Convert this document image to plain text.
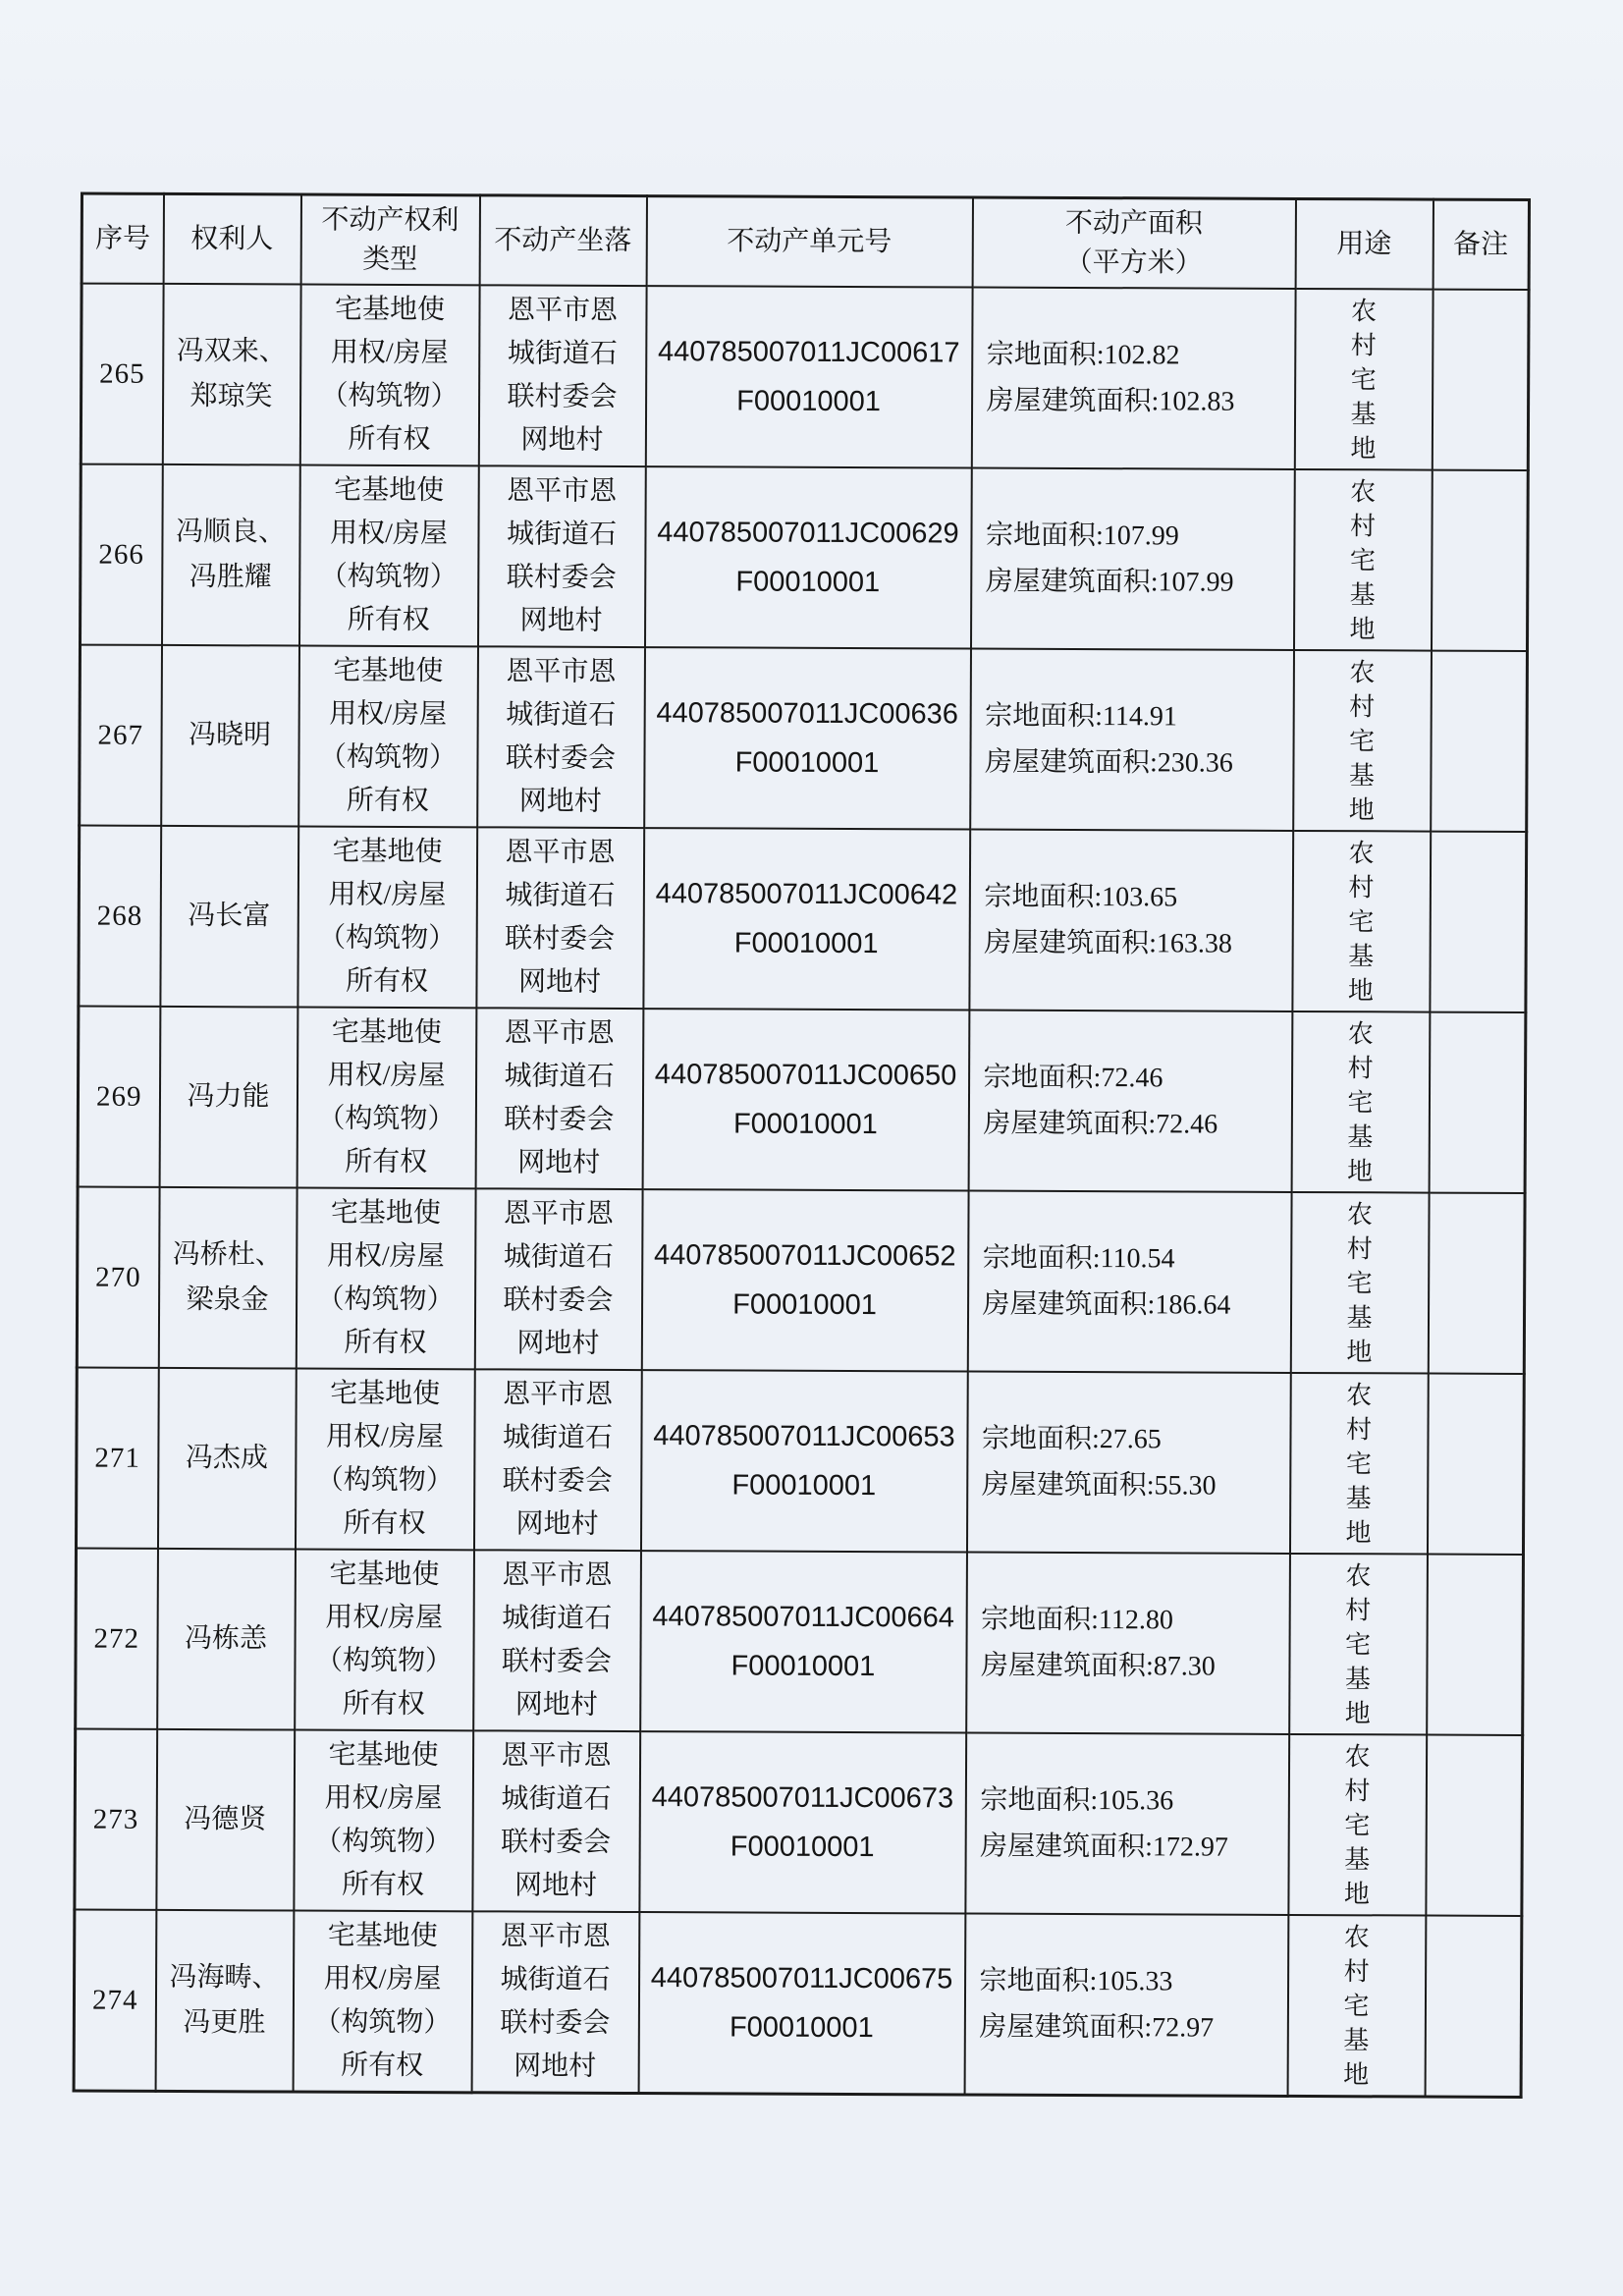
序号	权利人	不动产权利
类型	不动产坐落	不动产单元号	不动产面积
（平方米）	用途	备注
265	冯双来、
郑琼笑	宅基地使
用权/房屋
（构筑物）
所有权	恩平市恩
城街道石
联村委会
网地村	440785007011JC00617
F00010001	宗地面积:102.82
房屋建筑面积:102.83	农
村
宅
基
地	
266	冯顺良、
冯胜耀	宅基地使
用权/房屋
（构筑物）
所有权	恩平市恩
城街道石
联村委会
网地村	440785007011JC00629
F00010001	宗地面积:107.99
房屋建筑面积:107.99	农
村
宅
基
地	
267	冯晓明	宅基地使
用权/房屋
（构筑物）
所有权	恩平市恩
城街道石
联村委会
网地村	440785007011JC00636
F00010001	宗地面积:114.91
房屋建筑面积:230.36	农
村
宅
基
地	
268	冯长富	宅基地使
用权/房屋
（构筑物）
所有权	恩平市恩
城街道石
联村委会
网地村	440785007011JC00642
F00010001	宗地面积:103.65
房屋建筑面积:163.38	农
村
宅
基
地	
269	冯力能	宅基地使
用权/房屋
（构筑物）
所有权	恩平市恩
城街道石
联村委会
网地村	440785007011JC00650
F00010001	宗地面积:72.46
房屋建筑面积:72.46	农
村
宅
基
地	
270	冯桥杜、
梁泉金	宅基地使
用权/房屋
（构筑物）
所有权	恩平市恩
城街道石
联村委会
网地村	440785007011JC00652
F00010001	宗地面积:110.54
房屋建筑面积:186.64	农
村
宅
基
地	
271	冯杰成	宅基地使
用权/房屋
（构筑物）
所有权	恩平市恩
城街道石
联村委会
网地村	440785007011JC00653
F00010001	宗地面积:27.65
房屋建筑面积:55.30	农
村
宅
基
地	
272	冯栋恙	宅基地使
用权/房屋
（构筑物）
所有权	恩平市恩
城街道石
联村委会
网地村	440785007011JC00664
F00010001	宗地面积:112.80
房屋建筑面积:87.30	农
村
宅
基
地	
273	冯德贤	宅基地使
用权/房屋
（构筑物）
所有权	恩平市恩
城街道石
联村委会
网地村	440785007011JC00673
F00010001	宗地面积:105.36
房屋建筑面积:172.97	农
村
宅
基
地	
274	冯海畴、
冯更胜	宅基地使
用权/房屋
（构筑物）
所有权	恩平市恩
城街道石
联村委会
网地村	440785007011JC00675
F00010001	宗地面积:105.33
房屋建筑面积:72.97	农
村
宅
基
地	
